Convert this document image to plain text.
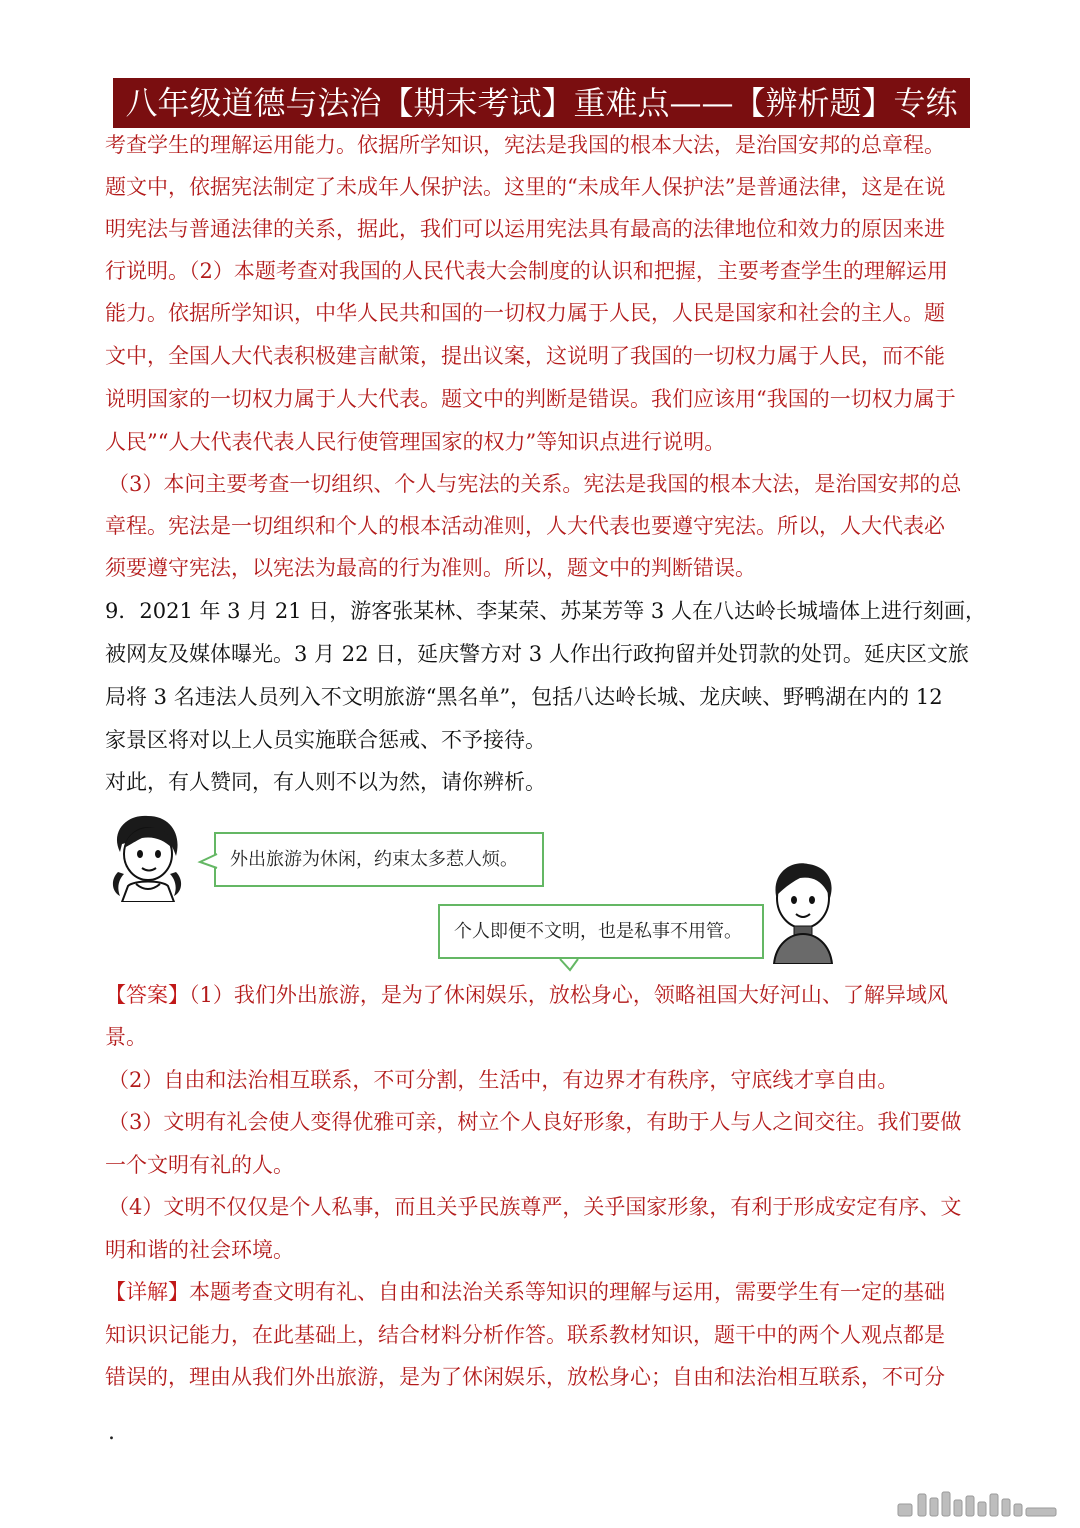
八年级道德与法治【期末考试】重难点——【辨析题】专练
考查学生的理解运用能力。依据所学知识，宪法是我国的根本大法，是治国安邦的总章程。
题文中，依据宪法制定了未成年人保护法。这里的“未成年人保护法”是普通法律，这是在说
明宪法与普通法律的关系，据此，我们可以运用宪法具有最高的法律地位和效力的原因来进
行说明。（2）本题考查对我国的人民代表大会制度的认识和把握，主要考查学生的理解运用
能力。依据所学知识，中华人民共和国的一切权力属于人民，人民是国家和社会的主人。题
文中，全国人大代表积极建言献策，提出议案，这说明了我国的一切权力属于人民，而不能
说明国家的一切权力属于人大代表。题文中的判断是错误。我们应该用“我国的一切权力属于
人民”“人大代表代表人民行使管理国家的权力”等知识点进行说明。
（3）本问主要考查一切组织、个人与宪法的关系。宪法是我国的根本大法，是治国安邦的总
章程。宪法是一切组织和个人的根本活动准则，人大代表也要遵守宪法。所以，人大代表必
须要遵守宪法，以宪法为最高的行为准则。所以，题文中的判断错误。
9．2021 年 3 月 21 日，游客张某林、李某荣、苏某芳等 3 人在八达岭长城墙体上进行刻画，
被网友及媒体曝光。3 月 22 日，延庆警方对 3 人作出行政拘留并处罚款的处罚。延庆区文旅
局将 3 名违法人员列入不文明旅游“黑名单”，包括八达岭长城、龙庆峡、野鸭湖在内的 12
家景区将对以上人员实施联合惩戒、不予接待。
对此，有人赞同，有人则不以为然，请你辨析。
外出旅游为休闲，约束太多惹人烦。
个人即便不文明，也是私事不用管。
【答案】（1）我们外出旅游，是为了休闲娱乐，放松身心，领略祖国大好河山、了解异域风
景。
（2）自由和法治相互联系，不可分割，生活中，有边界才有秩序，守底线才享自由。
（3）文明有礼会使人变得优雅可亲，树立个人良好形象，有助于人与人之间交往。我们要做
一个文明有礼的人。
（4）文明不仅仅是个人私事，而且关乎民族尊严，关乎国家形象，有利于形成安定有序、文
明和谐的社会环境。
【详解】本题考查文明有礼、自由和法治关系等知识的理解与运用，需要学生有一定的基础
知识识记能力，在此基础上，结合材料分析作答。联系教材知识，题干中的两个人观点都是
错误的，理由从我们外出旅游，是为了休闲娱乐，放松身心；自由和法治相互联系，不可分
.
